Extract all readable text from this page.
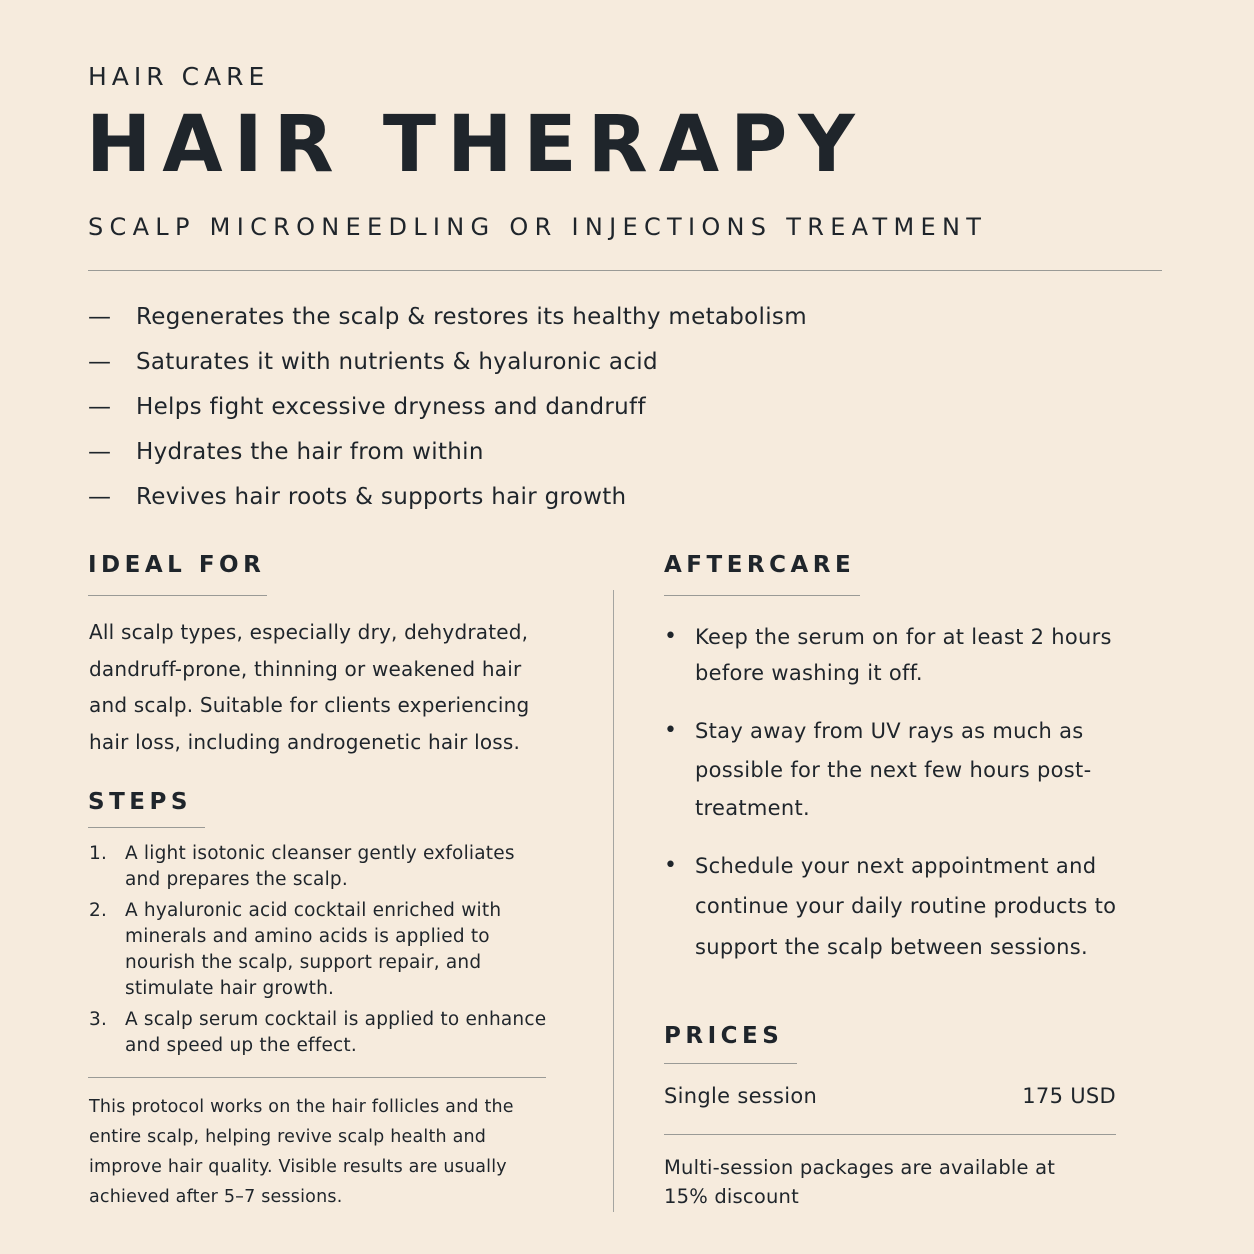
HAIR CARE
HAIR THERAPY
SCALP MICRONEEDLING OR INJECTIONS TREATMENT
—	Regenerates the scalp & restores its healthy metabolism
—	Saturates it with nutrients & hyaluronic acid
—	Helps fight excessive dryness and dandruff
—	Hydrates the hair from within
—	Revives hair roots & supports hair growth
IDEAL FOR
All scalp types, especially dry, dehydrated, dandruff-prone, thinning or weakened hair and scalp. Suitable for clients experiencing hair loss, including androgenetic hair loss.
STEPS
1. A light isotonic cleanser gently exfoliates and prepares the scalp.
2. A hyaluronic acid cocktail enriched with minerals and amino acids is applied to nourish the scalp, support repair, and stimulate hair growth.
3. A scalp serum cocktail is applied to enhance and speed up the effect.
This protocol works on the hair follicles and the entire scalp, helping revive scalp health and improve hair quality. Visible results are usually achieved after 5–7 sessions.
AFTERCARE
• Keep the serum on for at least 2 hours before washing it off.
• Stay away from UV rays as much as possible for the next few hours post-treatment.
• Schedule your next appointment and continue your daily routine products to support the scalp between sessions.
PRICES
Single session	175 USD
Multi-session packages are available at 15% discount
